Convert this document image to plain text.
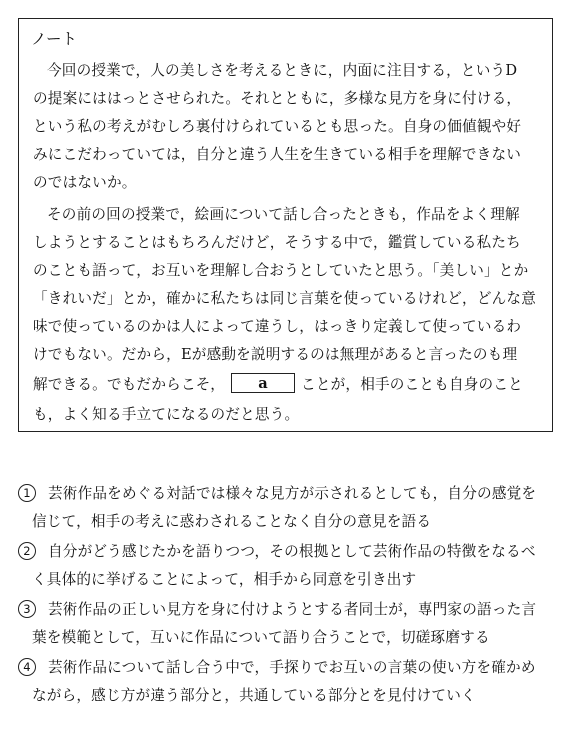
ノート
今回の授業で，人の美しさを考えるときに，内面に注目する，というD
の提案にははっとさせられた。それとともに，多様な見方を身に付ける，
という私の考えがむしろ裏付けられているとも思った。自身の価値観や好
みにこだわっていては，自分と違う人生を生きている相手を理解できない
のではないか。
その前の回の授業で，絵画について話し合ったときも，作品をよく理解
しようとすることはもちろんだけど，そうする中で，鑑賞している私たち
のことも語って，お互いを理解し合おうとしていたと思う。「美しい」とか
「きれいだ」とか，確かに私たちは同じ言葉を使っているけれど，どんな意
味で使っているのかは人によって違うし，はっきり定義して使っているわ
けでもない。だから，Eが感動を説明するのは無理があると言ったのも理
解できる。でもだからこそ， a ことが，相手のことも自身のこと
も，よく知る手立てになるのだと思う。
1 芸術作品をめぐる対話では様々な見方が示されるとしても，自分の感覚を
信じて，相手の考えに惑わされることなく自分の意見を語る
2 自分がどう感じたかを語りつつ，その根拠として芸術作品の特徴をなるべ
く具体的に挙げることによって，相手から同意を引き出す
3 芸術作品の正しい見方を身に付けようとする者同士が，専門家の語った言
葉を模範として，互いに作品について語り合うことで，切磋琢磨する
4 芸術作品について話し合う中で，手探りでお互いの言葉の使い方を確かめ
ながら，感じ方が違う部分と，共通している部分とを見付けていく
